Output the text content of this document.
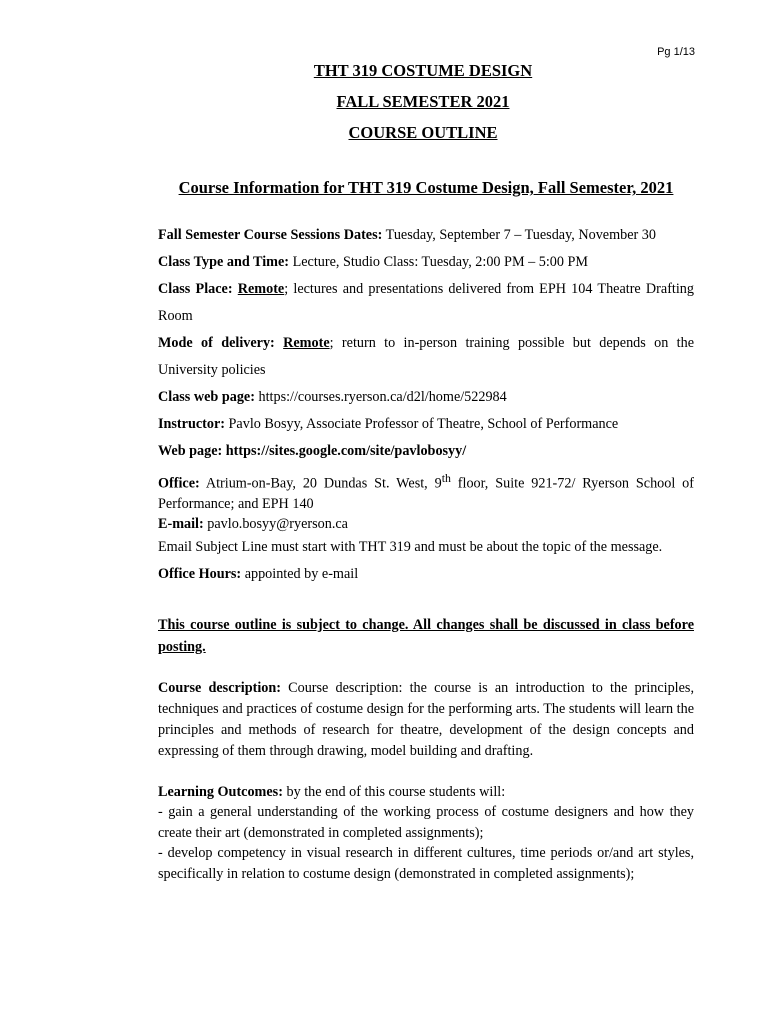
Pg 1/13
THT 319 COSTUME DESIGN
FALL SEMESTER 2021
COURSE OUTLINE
Course Information for THT 319 Costume Design, Fall Semester, 2021

Fall Semester Course Sessions Dates: Tuesday, September 7 – Tuesday, November 30

Class Type and Time: Lecture, Studio Class: Tuesday, 2:00 PM – 5:00 PM

Class Place: Remote; lectures and presentations delivered from EPH 104 Theatre Drafting Room

Mode of delivery: Remote; return to in-person training possible but depends on the University policies

Class web page: https://courses.ryerson.ca/d2l/home/522984

Instructor: Pavlo Bosyy, Associate Professor of Theatre, School of Performance

Web page: https://sites.google.com/site/pavlobosyy/

Office: Atrium-on-Bay, 20 Dundas St. West, 9th floor, Suite 921-72/ Ryerson School of Performance; and EPH 140

E-mail: pavlo.bosyy@ryerson.ca

Email Subject Line must start with THT 319 and must be about the topic of the message.

Office Hours: appointed by e-mail

This course outline is subject to change. All changes shall be discussed in class before posting.

Course description: Course description: the course is an introduction to the principles, techniques and practices of costume design for the performing arts. The students will learn the principles and methods of research for theatre, development of the design concepts and expressing of them through drawing, model building and drafting.

Learning Outcomes: by the end of this course students will:

- gain a general understanding of the working process of costume designers and how they create their art (demonstrated in completed assignments);

- develop competency in visual research in different cultures, time periods or/and art styles, specifically in relation to costume design (demonstrated in completed assignments);
